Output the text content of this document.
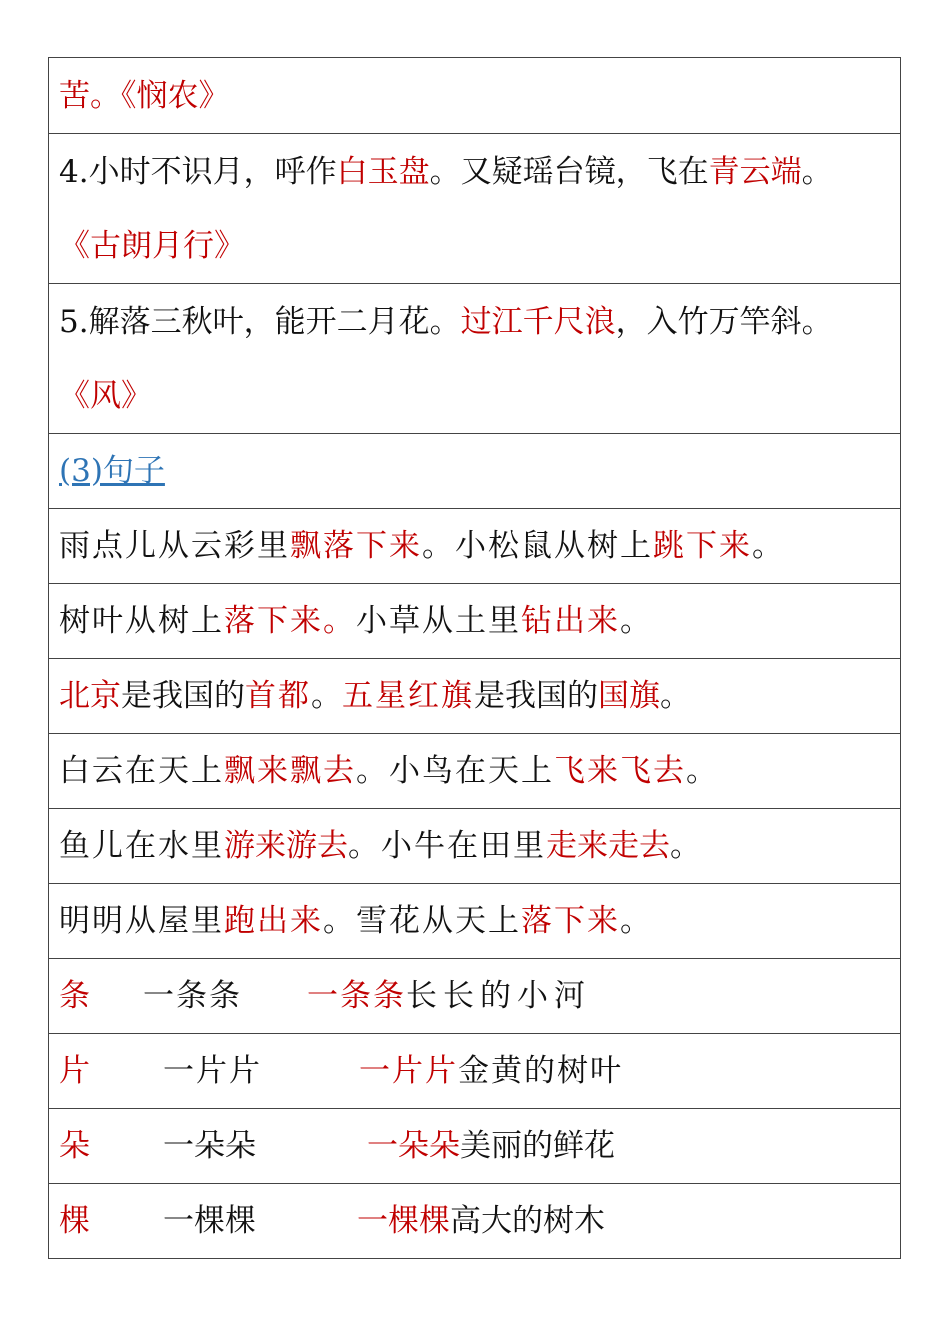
苦。《悯农》
4.小时不识月，呼作白玉盘。又疑瑶台镜，飞在青云端。
《古朗月行》
5.解落三秋叶，能开二月花。过江千尺浪，入竹万竿斜。《风》
(3)句子
雨点儿从云彩里飘落下来。小松鼠从树上跳下来。
树叶从树上落下来。小草从土里钻出来。
北京是我国的首都。五星红旗是我国的国旗。
白云在天上飘来飘去。小鸟在天上飞来飞去。
鱼儿在水里游来游去。小牛在田里走来走去。
明明从屋里跑出来。雪花从天上落下来。
条 一条条 一条条长长的小河
片 一片片	一片片金黄的树叶
朵 一朵朵	一朵朵美丽的鲜花
棵 一棵棵	一棵棵高大的树木
